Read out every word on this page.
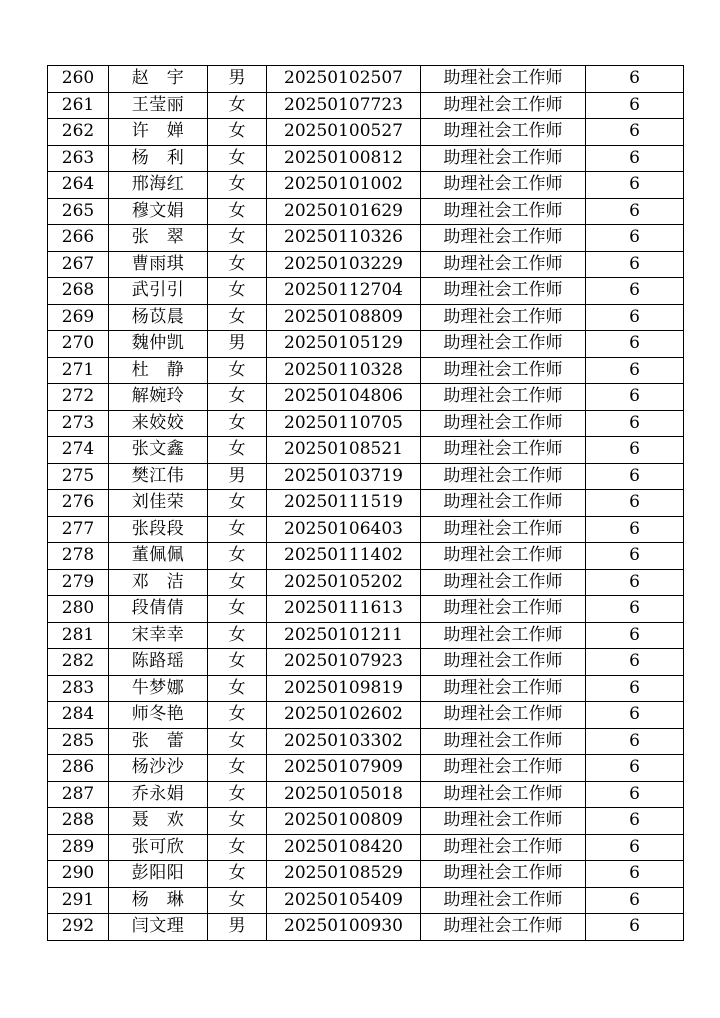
260	赵　宇	男	20250102507	助理社会工作师	6
261	王莹丽	女	20250107723	助理社会工作师	6
262	许　婵	女	20250100527	助理社会工作师	6
263	杨　利	女	20250100812	助理社会工作师	6
264	邢海红	女	20250101002	助理社会工作师	6
265	穆文娟	女	20250101629	助理社会工作师	6
266	张　翠	女	20250110326	助理社会工作师	6
267	曹雨琪	女	20250103229	助理社会工作师	6
268	武引引	女	20250112704	助理社会工作师	6
269	杨苡晨	女	20250108809	助理社会工作师	6
270	魏仲凯	男	20250105129	助理社会工作师	6
271	杜　静	女	20250110328	助理社会工作师	6
272	解婉玲	女	20250104806	助理社会工作师	6
273	来姣姣	女	20250110705	助理社会工作师	6
274	张文鑫	女	20250108521	助理社会工作师	6
275	樊江伟	男	20250103719	助理社会工作师	6
276	刘佳荣	女	20250111519	助理社会工作师	6
277	张段段	女	20250106403	助理社会工作师	6
278	董佩佩	女	20250111402	助理社会工作师	6
279	邓　洁	女	20250105202	助理社会工作师	6
280	段倩倩	女	20250111613	助理社会工作师	6
281	宋幸幸	女	20250101211	助理社会工作师	6
282	陈路瑶	女	20250107923	助理社会工作师	6
283	牛梦娜	女	20250109819	助理社会工作师	6
284	师冬艳	女	20250102602	助理社会工作师	6
285	张　蕾	女	20250103302	助理社会工作师	6
286	杨沙沙	女	20250107909	助理社会工作师	6
287	乔永娟	女	20250105018	助理社会工作师	6
288	聂　欢	女	20250100809	助理社会工作师	6
289	张可欣	女	20250108420	助理社会工作师	6
290	彭阳阳	女	20250108529	助理社会工作师	6
291	杨　琳	女	20250105409	助理社会工作师	6
292	闫文理	男	20250100930	助理社会工作师	6
